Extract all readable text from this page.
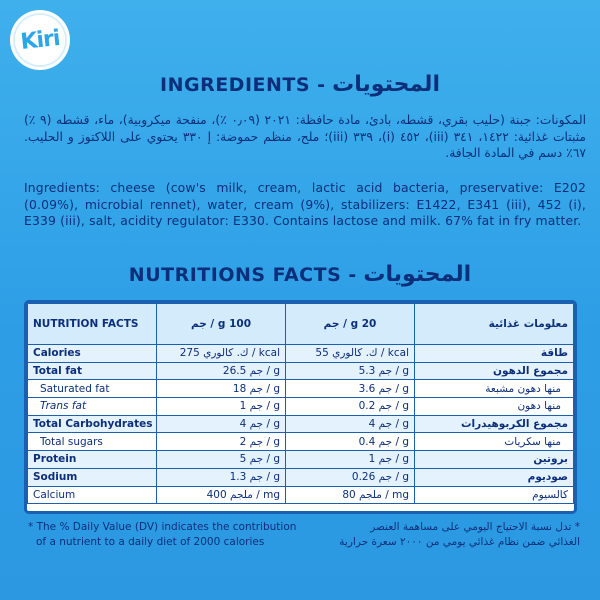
Kiri
INGREDIENTS - المحتويات
المكونات: جبنة (حليب بقري، قشطه، بادئ، مادة حافظة: ٢٠٢١ (٠٫٠٩ ٪)، منفحة ميكروبية)، ماء، قشطه (٩ ٪) مثبتات غذائية: ١٤٢٢، ٣٤١ (iii)، ٤٥٢ (i)، ٣٣٩ (iii)؛ ملح، منظم حموضة: إ ٣٣٠ يحتوي على اللاكتوز و الحليب. ٦٧٪ دسم في المادة الجافة.
Ingredients: cheese (cow's milk, cream, lactic acid bacteria, preservative: E202 (0.09%), microbial rennet), water, cream (9%), stabilizers: E1422, E341 (iii), 452 (i), E339 (iii), salt, acidity regulator: E330. Contains lactose and milk. 67% fat in fry matter.
NUTRITIONS FACTS - المحتويات
NUTRITION FACTS	100 g / جم	20 g / جم	معلومات غذائية
Calories	275 ك. كالوري / kcal	55 ك. كالوري / kcal	طاقة
Total fat	26.5 جم / g	5.3 جم / g	مجموع الدهون
Saturated fat	18 جم / g	3.6 جم / g	منها دهون مشبعة
Trans fat	1 جم / g	0.2 جم / g	منها دهون
Total Carbohydrates	4 جم / g	4 جم / g	مجموع الكربوهيدرات
Total sugars	2 جم / g	0.4 جم / g	منها سكريات
Protein	5 جم / g	1 جم / g	بروتين
Sodium	1.3 جم / g	0.26 جم / g	صوديوم
Calcium	400 ملجم / mg	80 ملجم / mg	كالسيوم
* The % Daily Value (DV) indicates the contribution
of a nutrient to a daily diet of 2000 calories
* تدل نسبة الاحتياج اليومي على مساهمة العنصر
الغذائي ضمن نظام غذائي يومي من ٢٠٠٠ سعرة حرارية
